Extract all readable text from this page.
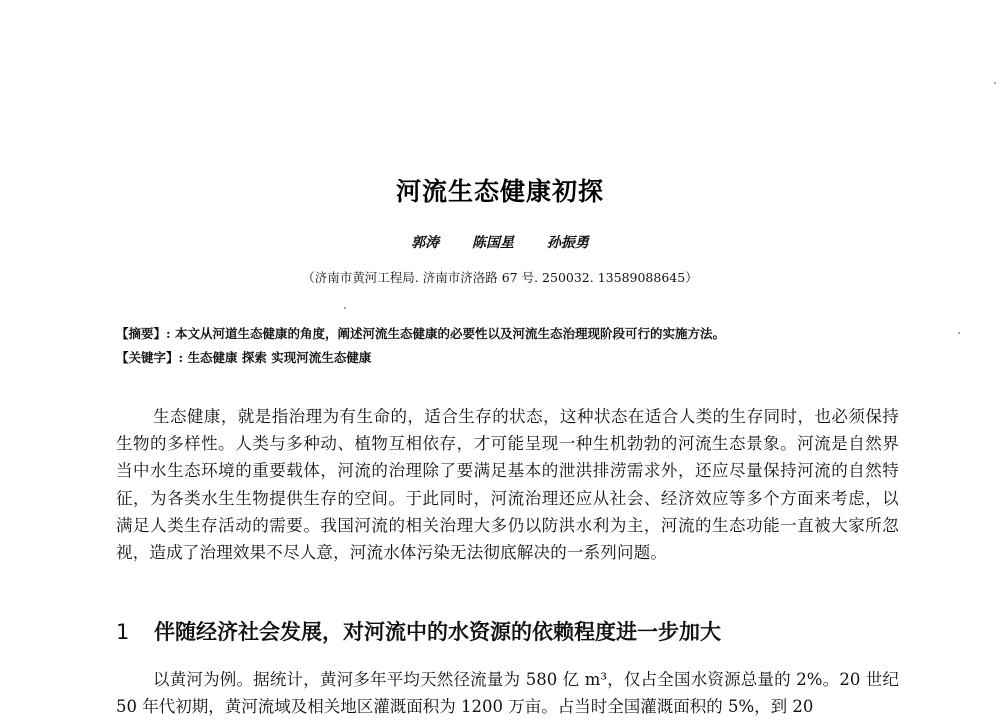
河流生态健康初探
郭涛 陈国星 孙振勇
（济南市黄河工程局. 济南市济洛路 67 号. 250032. 13589088645）
【摘要】: 本文从河道生态健康的角度，阐述河流生态健康的必要性以及河流生态治理现阶段可行的实施方法。
【关键字】: 生态健康 探索 实现河流生态健康

生态健康，就是指治理为有生命的，适合生存的状态，这种状态在适合人类的生存同时，也必须保持生物的多样性。人类与多种动、植物互相依存，才可能呈现一种生机勃勃的河流生态景象。河流是自然界当中水生态环境的重要载体，河流的治理除了要满足基本的泄洪排涝需求外，还应尽量保持河流的自然特征，为各类水生生物提供生存的空间。于此同时，河流治理还应从社会、经济效应等多个方面来考虑，以满足人类生存活动的需要。我国河流的相关治理大多仍以防洪水利为主，河流的生态功能一直被大家所忽视，造成了治理效果不尽人意，河流水体污染无法彻底解决的一系列问题。

1 伴随经济社会发展，对河流中的水资源的依赖程度进一步加大

以黄河为例。据统计，黄河多年平均天然径流量为 580 亿 m³，仅占全国水资源总量的 2%。20 世纪 50 年代初期，黄河流域及相关地区灌溉面积为 1200 万亩。占当时全国灌溉面积的 5%，到 20
